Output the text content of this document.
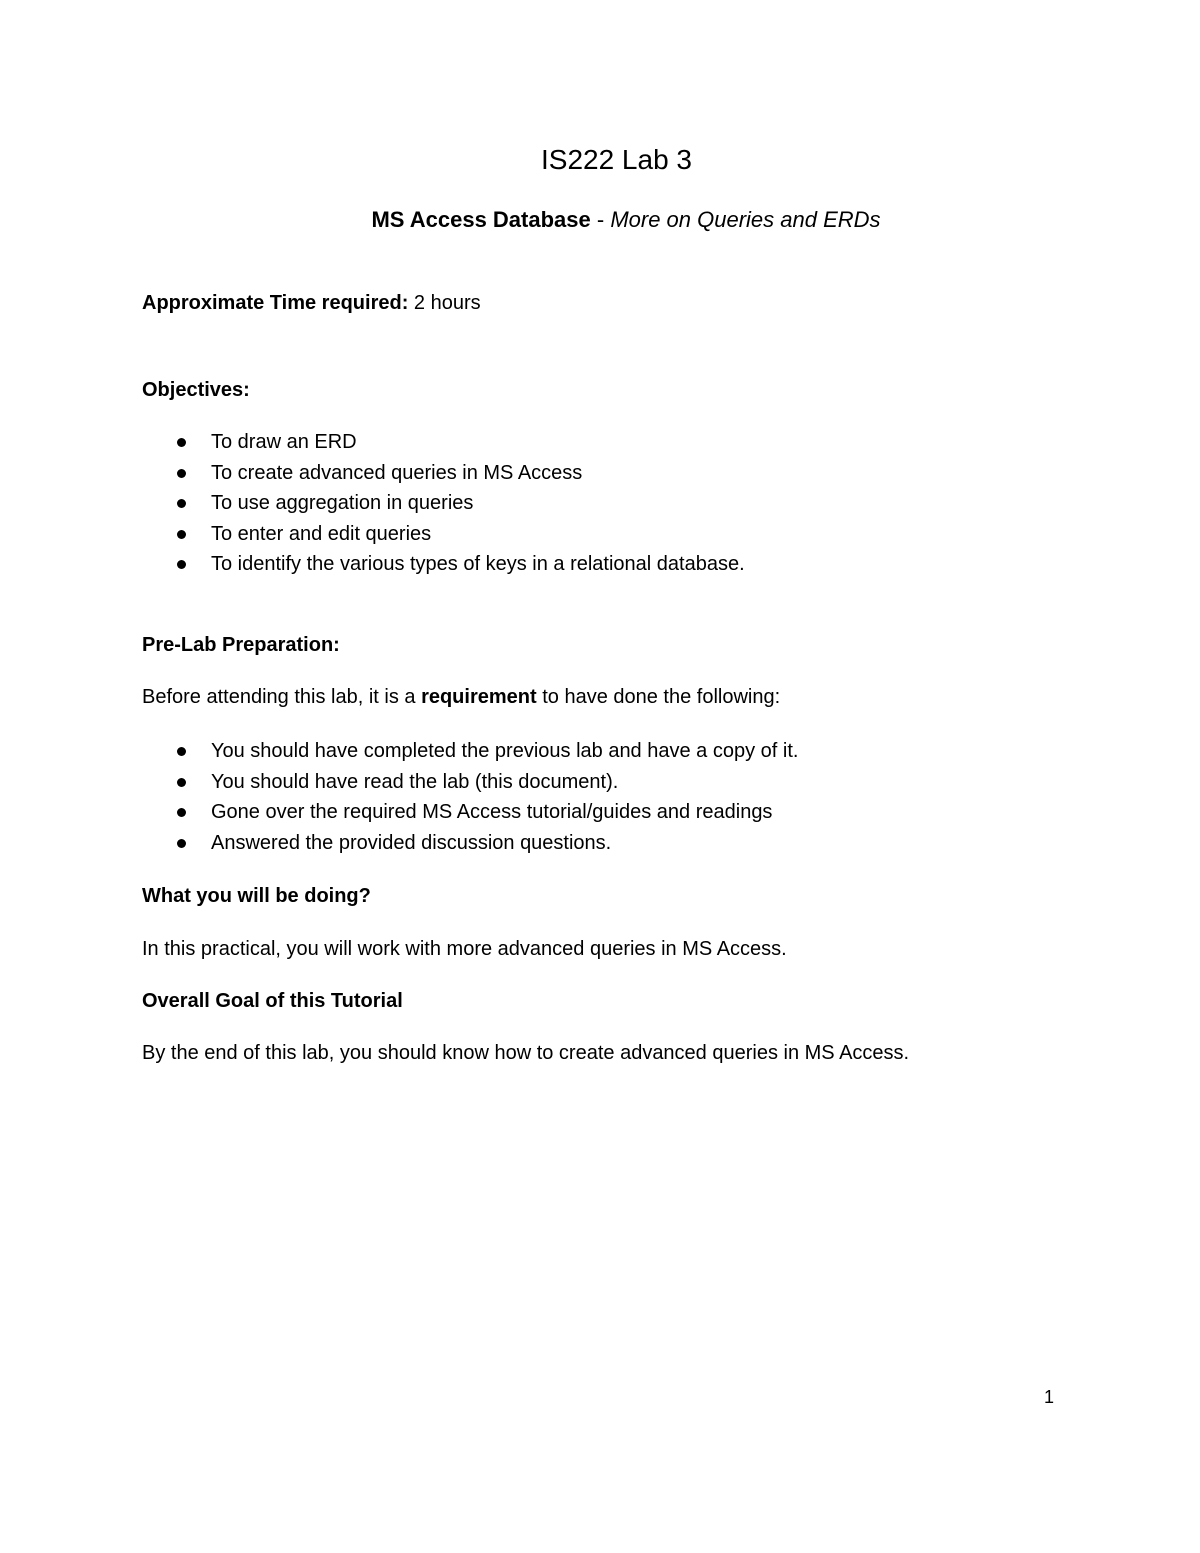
IS222 Lab 3
MS Access Database - More on Queries and ERDs
Approximate Time required: 2 hours
Objectives:
To draw an ERD
To create advanced queries in MS Access
To use aggregation in queries
To enter and edit queries
To identify the various types of keys in a relational database.
Pre-Lab Preparation:
Before attending this lab, it is a requirement to have done the following:
You should have completed the previous lab and have a copy of it.
You should have read the lab (this document).
Gone over the required MS Access tutorial/guides and readings
Answered the provided discussion questions.
What you will be doing?
In this practical, you will work with more advanced queries in MS Access.
Overall Goal of this Tutorial
By the end of this lab, you should know how to create advanced queries in MS Access.
1
